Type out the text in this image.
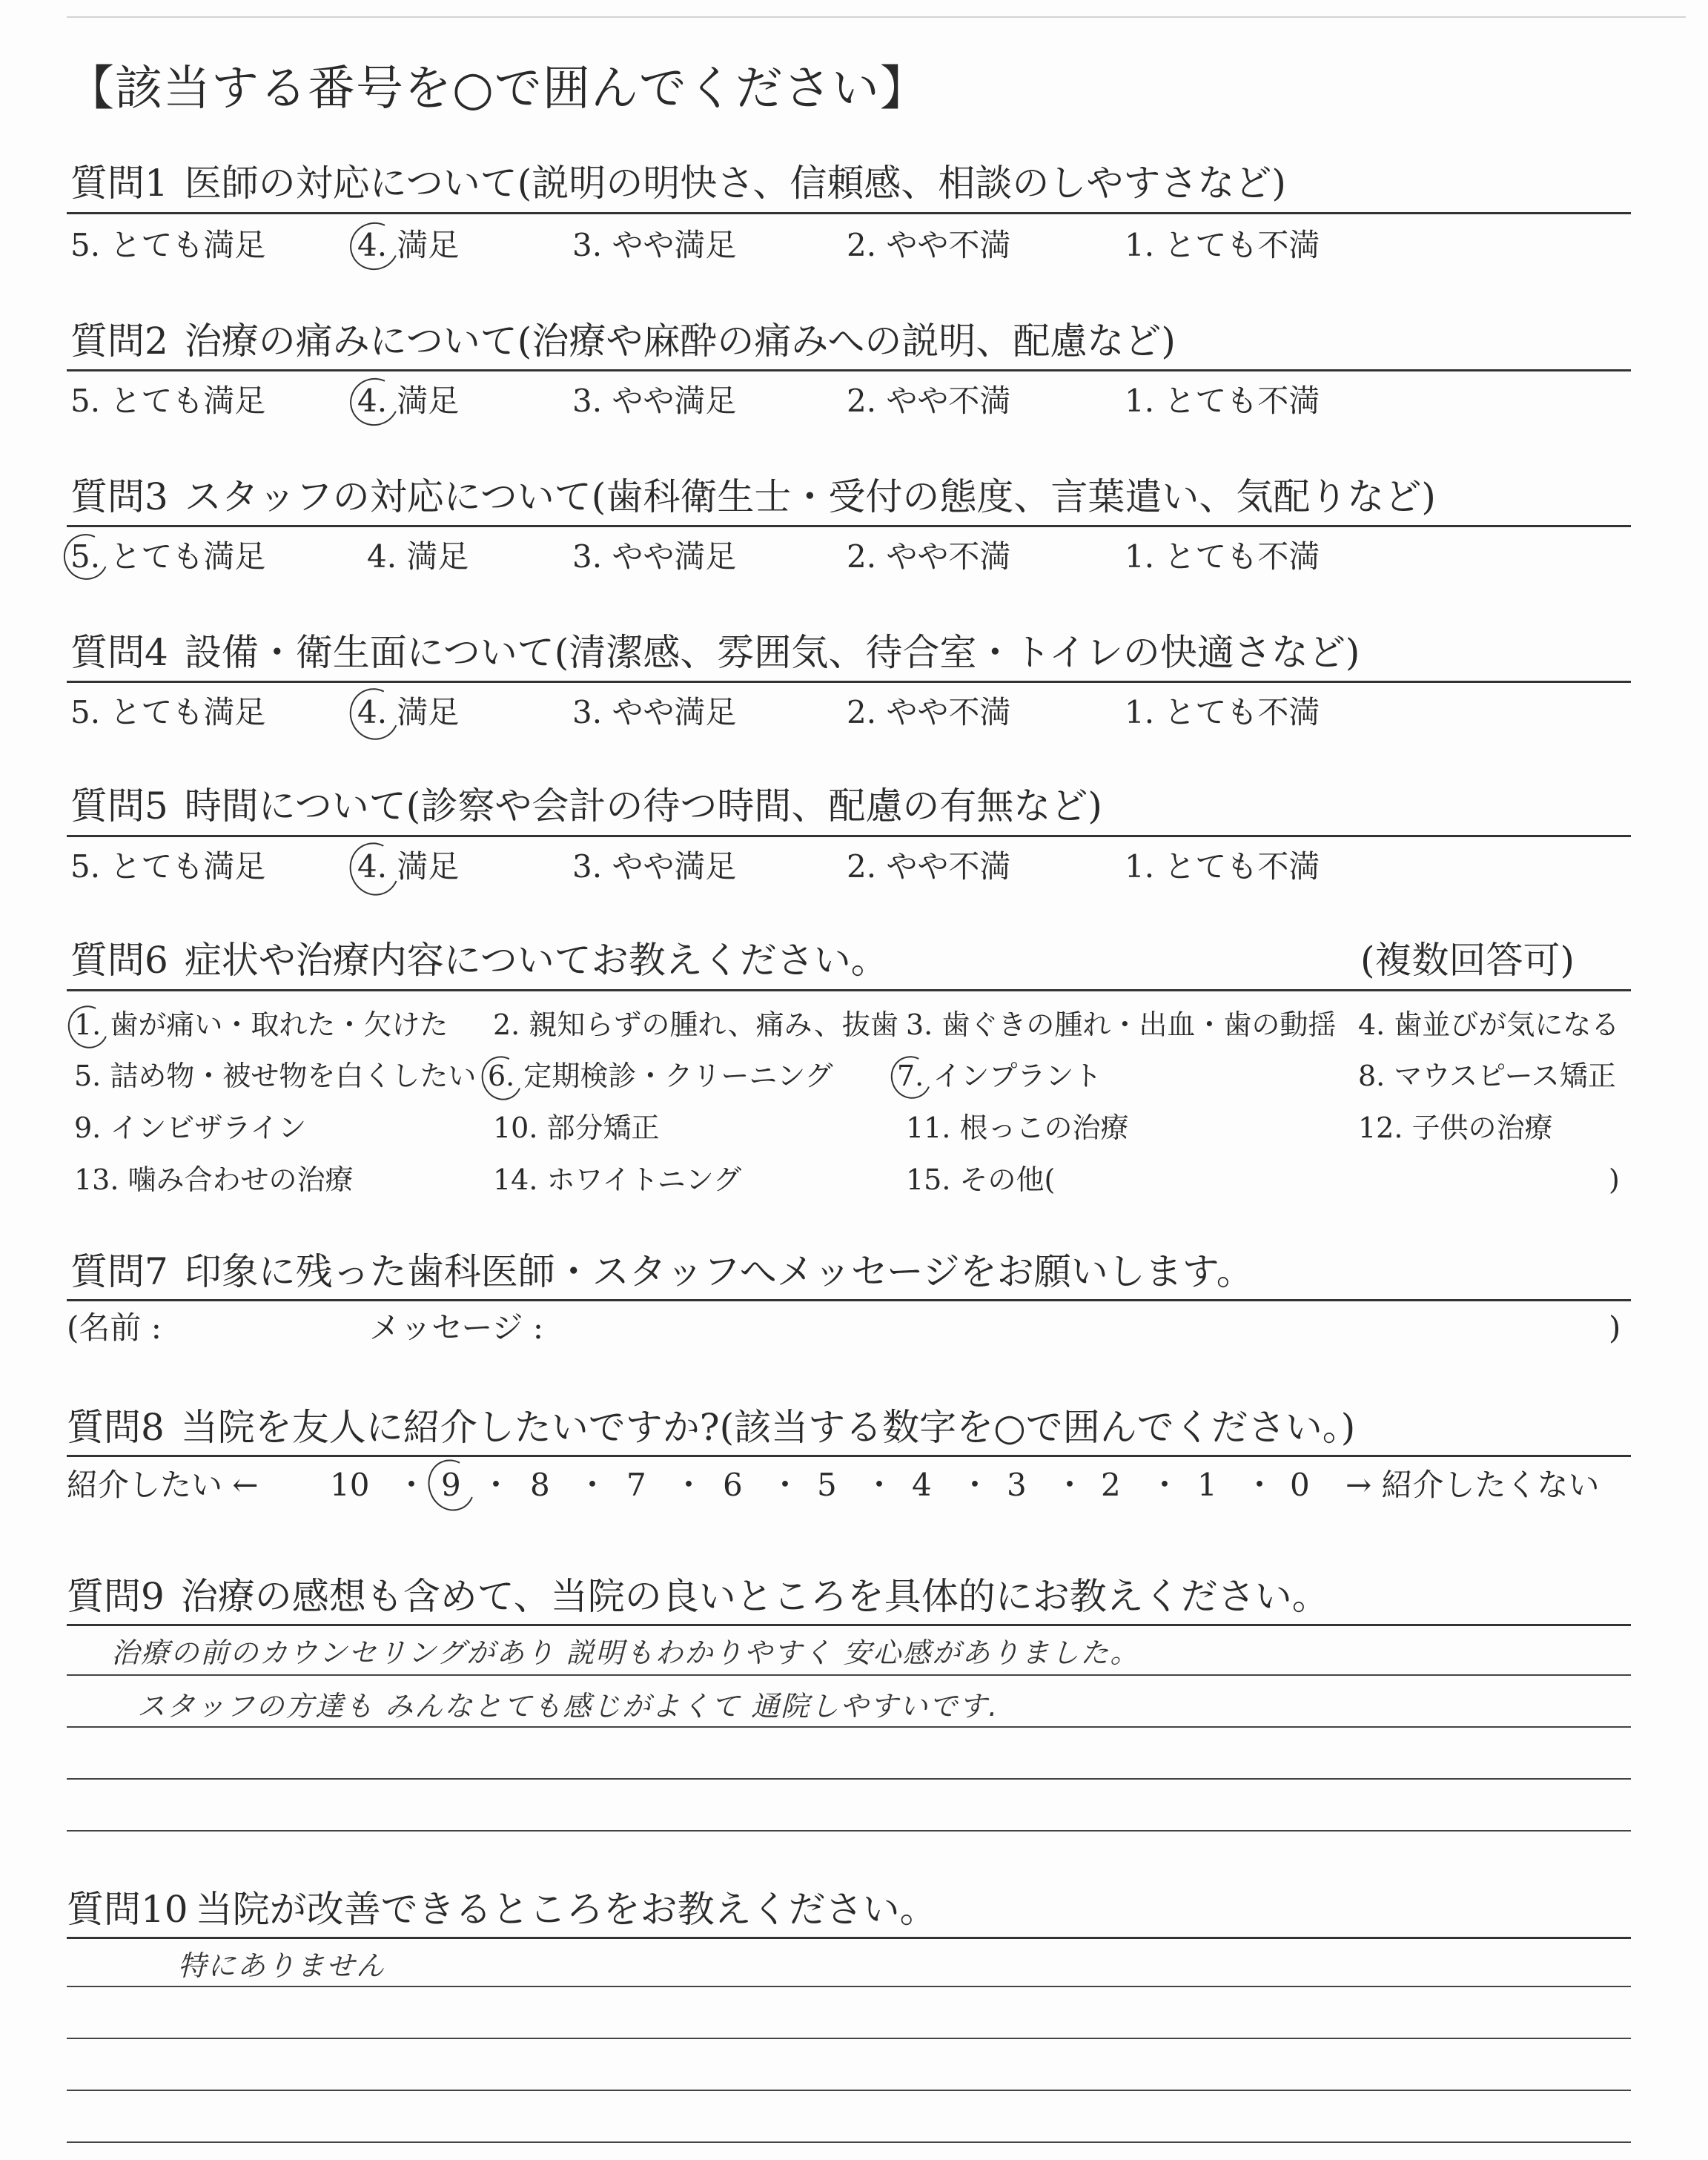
【該当する番号を○で囲んでください】
質問1 医師の対応について(説明の明快さ、信頼感、相談のしやすさなど)
5. とても満足	4. 満足	3. やや満足	2. やや不満	1. とても不満
質問2 治療の痛みについて(治療や麻酔の痛みへの説明、配慮など)
5. とても満足	4. 満足	3. やや満足	2. やや不満	1. とても不満
質問3 スタッフの対応について(歯科衛生士・受付の態度、言葉遣い、気配りなど)
5. とても満足	4. 満足	3. やや満足	2. やや不満	1. とても不満
質問4 設備・衛生面について(清潔感、雰囲気、待合室・トイレの快適さなど)
5. とても満足	4. 満足	3. やや満足	2. やや不満	1. とても不満
質問5 時間について(診察や会計の待つ時間、配慮の有無など)
5. とても満足	4. 満足	3. やや満足	2. やや不満	1. とても不満
質問6 症状や治療内容についてお教えください。	(複数回答可)
1. 歯が痛い・取れた・欠けた 2. 親知らずの腫れ、痛み、抜歯 3. 歯ぐきの腫れ・出血・歯の動揺 4. 歯並びが気になる
5. 詰め物・被せ物を白くしたい 6. 定期検診・クリーニング 7. インプラント	8. マウスピース矯正
9. インビザライン	10. 部分矯正	11. 根っこの治療	12. 子供の治療
13. 噛み合わせの治療	14. ホワイトニング	15. その他(	)
質問7 印象に残った歯科医師・スタッフへメッセージをお願いします。
(名前 :	メッセージ :	)
質問8 当院を友人に紹介したいですか?(該当する数字を○で囲んでください。)
紹介したい ← 10 ・ 9 ・ 8 ・ 7 ・ 6 ・ 5 ・ 4 ・ 3 ・ 2 ・ 1 ・ 0 → 紹介したくない
質問9 治療の感想も含めて、当院の良いところを具体的にお教えください。
治療の前のカウンセリングがあり 説明もわかりやすく 安心感がありました。
スタッフの方達も みんなとても感じがよくて 通院しやすいです.
質問10 当院が改善できるところをお教えください。
特にありません
